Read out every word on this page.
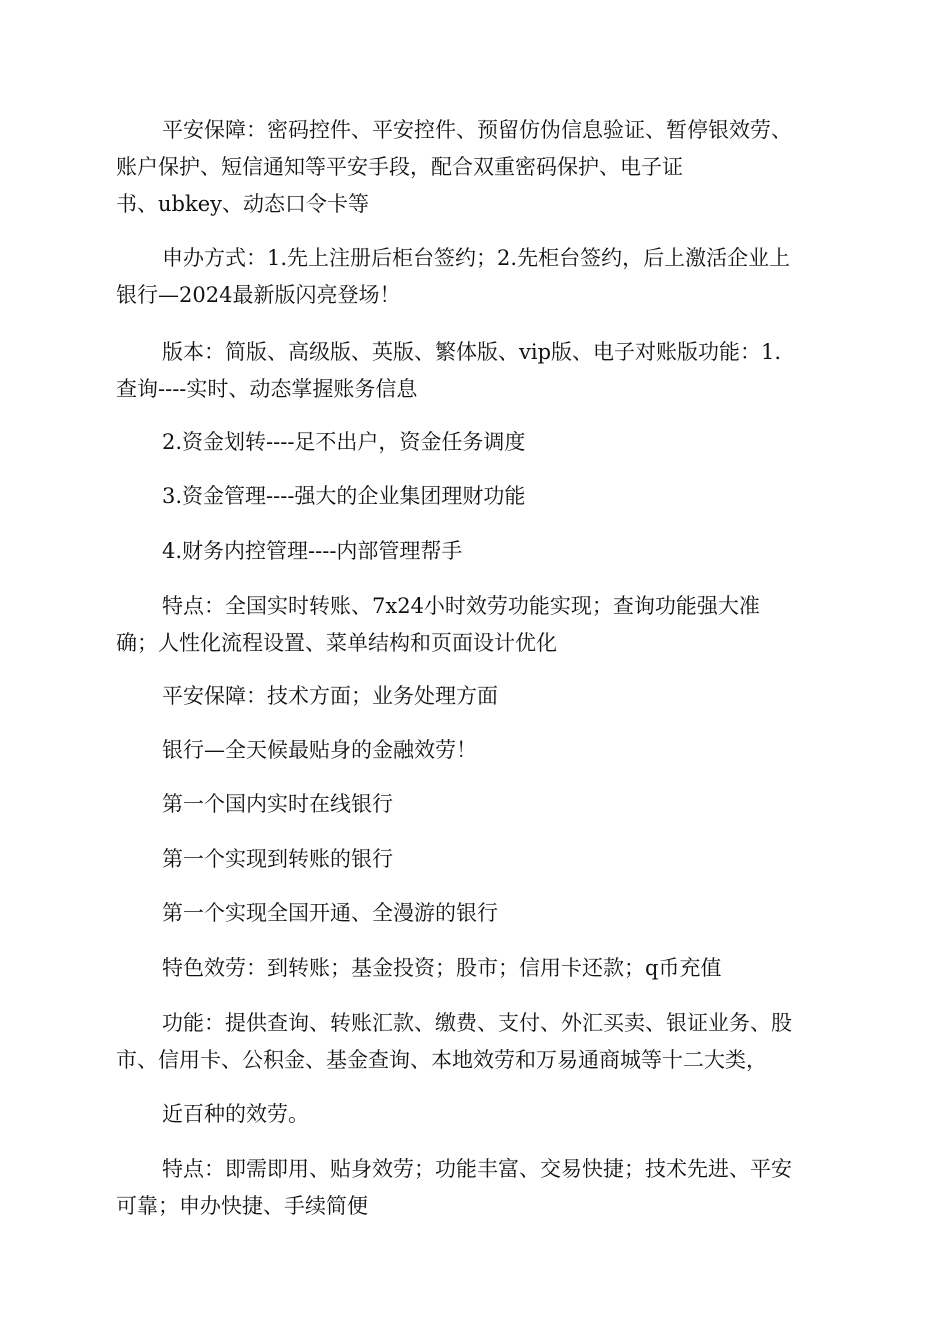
平安保障：密码控件、平安控件、预留仿伪信息验证、暂停银效劳、
账户保护、短信通知等平安手段，配合双重密码保护、电子证
书、ubkey、动态口令卡等

申办方式：1.先上注册后柜台签约；2.先柜台签约，后上激活企业上
银行—2024最新版闪亮登场！

版本：简版、高级版、英版、繁体版、vip版、电子对账版功能：1.
查询----实时、动态掌握账务信息

2.资金划转----足不出户，资金任务调度

3.资金管理----强大的企业集团理财功能

4.财务内控管理----内部管理帮手

特点：全国实时转账、7x24小时效劳功能实现；查询功能强大准
确；人性化流程设置、菜单结构和页面设计优化

平安保障：技术方面；业务处理方面

银行—全天候最贴身的金融效劳！

第一个国内实时在线银行

第一个实现到转账的银行

第一个实现全国开通、全漫游的银行

特色效劳：到转账；基金投资；股市；信用卡还款；q币充值

功能：提供查询、转账汇款、缴费、支付、外汇买卖、银证业务、股
市、信用卡、公积金、基金查询、本地效劳和万易通商城等十二大类，

近百种的效劳。

特点：即需即用、贴身效劳；功能丰富、交易快捷；技术先进、平安
可靠；申办快捷、手续简便
